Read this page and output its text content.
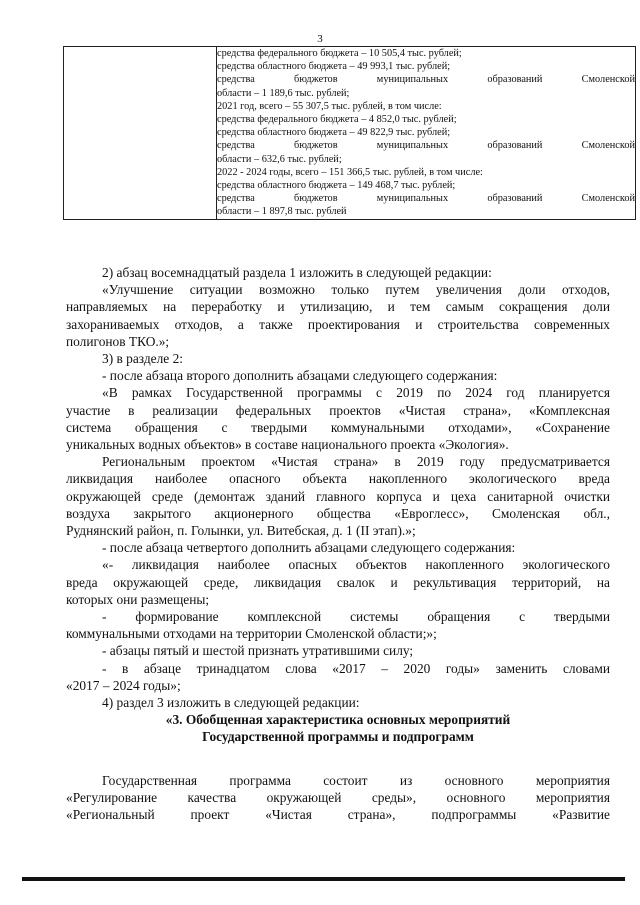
3

средства федерального бюджета – 10 505,4 тыс. рублей;
средства областного бюджета – 49 993,1 тыс. рублей;
средства бюджетов муниципальных образований Смоленской
области – 1 189,6 тыс. рублей;
2021 год, всего – 55 307,5 тыс. рублей, в том числе:
средства федерального бюджета – 4 852,0 тыс. рублей;
средства областного бюджета – 49 822,9 тыс. рублей;
средства бюджетов муниципальных образований Смоленской
области – 632,6 тыс. рублей;
2022 - 2024 годы, всего – 151 366,5 тыс. рублей, в том числе:
средства областного бюджета – 149 468,7 тыс. рублей;
средства бюджетов муниципальных образований Смоленской
области – 1 897,8 тыс. рублей
2) абзац восемнадцатый раздела 1 изложить в следующей редакции:
«Улучшение ситуации возможно только путем увеличения доли отходов,
направляемых на переработку и утилизацию, и тем самым сокращения доли
захораниваемых отходов, а также проектирования и строительства современных
полигонов ТКО.»;
3) в разделе 2:
- после абзаца второго дополнить абзацами следующего содержания:
«В рамках Государственной программы с 2019 по 2024 год планируется
участие в реализации федеральных проектов «Чистая страна», «Комплексная
система обращения с твердыми коммунальными отходами», «Сохранение
уникальных водных объектов» в составе национального проекта «Экология».
Региональным проектом «Чистая страна» в 2019 году предусматривается
ликвидация наиболее опасного объекта накопленного экологического вреда
окружающей среде (демонтаж зданий главного корпуса и цеха санитарной очистки
воздуха закрытого акционерного общества «Евроглесс», Смоленская обл.,
Руднянский район, п. Голынки, ул. Витебская, д. 1 (II этап).»;
- после абзаца четвертого дополнить абзацами следующего содержания:
«- ликвидация наиболее опасных объектов накопленного экологического
вреда окружающей среде, ликвидация свалок и рекультивация территорий, на
которых они размещены;
- формирование комплексной системы обращения с твердыми
коммунальными отходами на территории Смоленской области;»;
- абзацы пятый и шестой признать утратившими силу;
- в абзаце тринадцатом слова «2017 – 2020 годы» заменить словами
«2017 – 2024 годы»;
4) раздел 3 изложить в следующей редакции:
«3. Обобщенная характеристика основных мероприятий
Государственной программы и подпрограмм
Государственная программа состоит из основного мероприятия
«Регулирование качества окружающей среды», основного мероприятия
«Региональный проект «Чистая страна», подпрограммы «Развитие
